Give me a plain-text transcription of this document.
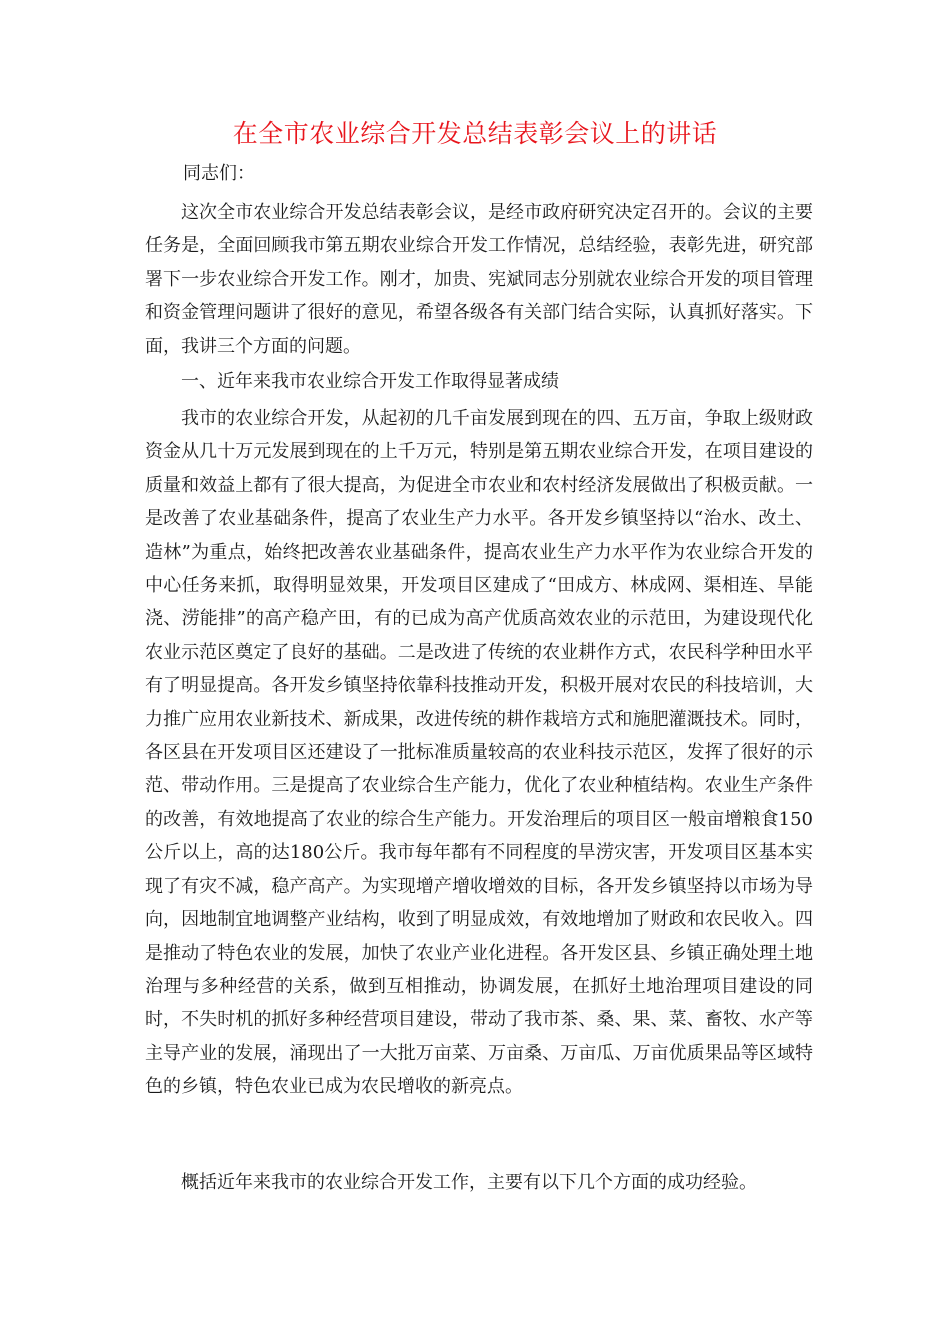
在全市农业综合开发总结表彰会议上的讲话
同志们：

这次全市农业综合开发总结表彰会议，是经市政府研究决定召开的。会议的主要任务是，全面回顾我市第五期农业综合开发工作情况，总结经验，表彰先进，研究部署下一步农业综合开发工作。刚才，加贵、宪斌同志分别就农业综合开发的项目管理和资金管理问题讲了很好的意见，希望各级各有关部门结合实际，认真抓好落实。下面，我讲三个方面的问题。

一、近年来我市农业综合开发工作取得显著成绩

我市的农业综合开发，从起初的几千亩发展到现在的四、五万亩，争取上级财政资金从几十万元发展到现在的上千万元，特别是第五期农业综合开发，在项目建设的质量和效益上都有了很大提高，为促进全市农业和农村经济发展做出了积极贡献。一是改善了农业基础条件，提高了农业生产力水平。各开发乡镇坚持以“治水、改土、造林”为重点，始终把改善农业基础条件，提高农业生产力水平作为农业综合开发的中心任务来抓，取得明显效果，开发项目区建成了“田成方、林成网、渠相连、旱能浇、涝能排”的高产稳产田，有的已成为高产优质高效农业的示范田，为建设现代化农业示范区奠定了良好的基础。二是改进了传统的农业耕作方式，农民科学种田水平有了明显提高。各开发乡镇坚持依靠科技推动开发，积极开展对农民的科技培训，大力推广应用农业新技术、新成果，改进传统的耕作栽培方式和施肥灌溉技术。同时，各区县在开发项目区还建设了一批标准质量较高的农业科技示范区，发挥了很好的示范、带动作用。三是提高了农业综合生产能力，优化了农业种植结构。农业生产条件的改善，有效地提高了农业的综合生产能力。开发治理后的项目区一般亩增粮食150公斤以上，高的达180公斤。我市每年都有不同程度的旱涝灾害，开发项目区基本实现了有灾不减，稳产高产。为实现增产增收增效的目标，各开发乡镇坚持以市场为导向，因地制宜地调整产业结构，收到了明显成效，有效地增加了财政和农民收入。四是推动了特色农业的发展，加快了农业产业化进程。各开发区县、乡镇正确处理土地治理与多种经营的关系，做到互相推动，协调发展，在抓好土地治理项目建设的同时，不失时机的抓好多种经营项目建设，带动了我市茶、桑、果、菜、畜牧、水产等主导产业的发展，涌现出了一大批万亩菜、万亩桑、万亩瓜、万亩优质果品等区域特色的乡镇，特色农业已成为农民增收的新亮点。

概括近年来我市的农业综合开发工作，主要有以下几个方面的成功经验。
